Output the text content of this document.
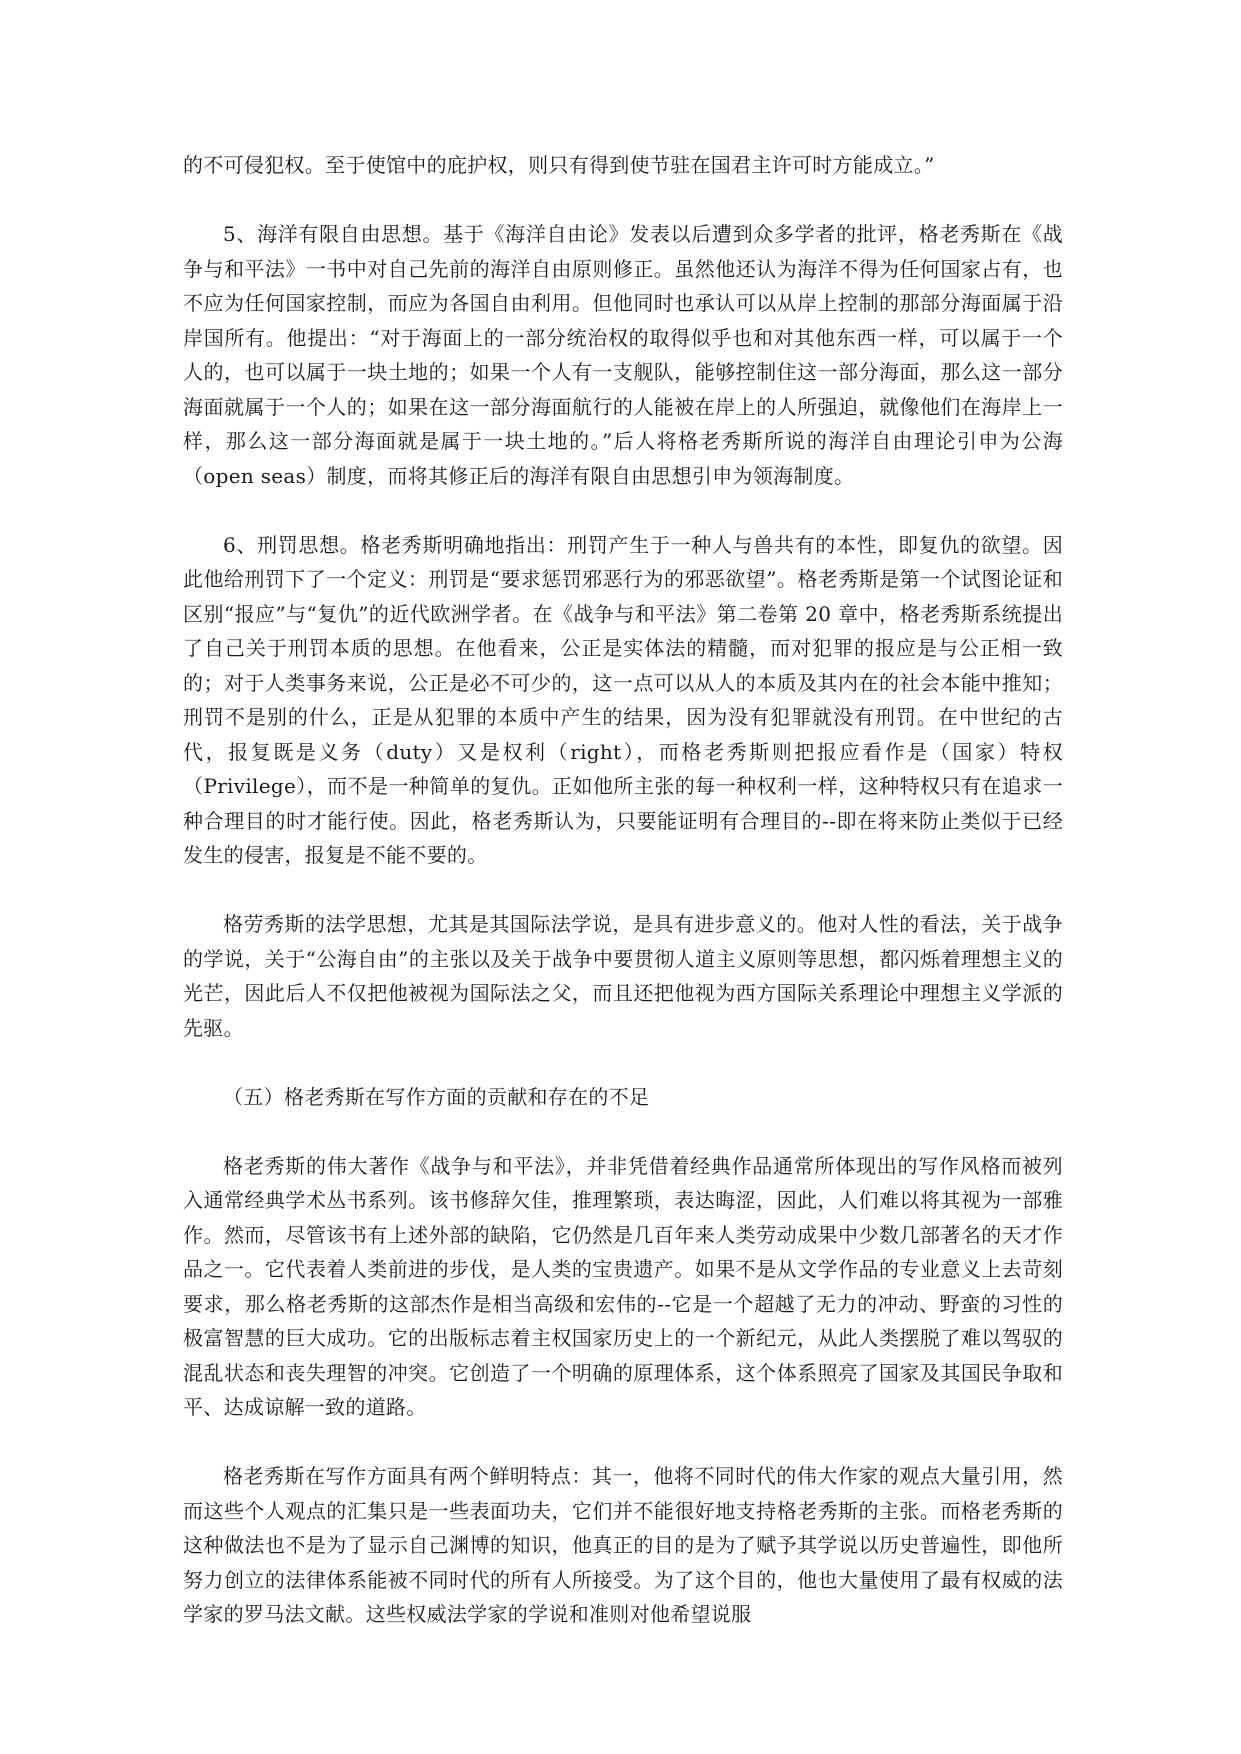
的不可侵犯权。至于使馆中的庇护权，则只有得到使节驻在国君主许可时方能成立。”

5、海洋有限自由思想。基于《海洋自由论》发表以后遭到众多学者的批评，格老秀斯在《战争与和平法》一书中对自己先前的海洋自由原则修正。虽然他还认为海洋不得为任何国家占有，也不应为任何国家控制，而应为各国自由利用。但他同时也承认可以从岸上控制的那部分海面属于沿岸国所有。他提出：“对于海面上的一部分统治权的取得似乎也和对其他东西一样，可以属于一个人的，也可以属于一块土地的；如果一个人有一支舰队，能够控制住这一部分海面，那么这一部分海面就属于一个人的；如果在这一部分海面航行的人能被在岸上的人所强迫，就像他们在海岸上一样，那么这一部分海面就是属于一块土地的。”后人将格老秀斯所说的海洋自由理论引申为公海（open seas）制度，而将其修正后的海洋有限自由思想引申为领海制度。

6、刑罚思想。格老秀斯明确地指出：刑罚产生于一种人与兽共有的本性，即复仇的欲望。因此他给刑罚下了一个定义：刑罚是“要求惩罚邪恶行为的邪恶欲望”。格老秀斯是第一个试图论证和区别“报应”与“复仇”的近代欧洲学者。在《战争与和平法》第二卷第 20 章中，格老秀斯系统提出了自己关于刑罚本质的思想。在他看来，公正是实体法的精髓，而对犯罪的报应是与公正相一致的；对于人类事务来说，公正是必不可少的，这一点可以从人的本质及其内在的社会本能中推知；刑罚不是别的什么，正是从犯罪的本质中产生的结果，因为没有犯罪就没有刑罚。在中世纪的古代，报复既是义务（duty）又是权利（right），而格老秀斯则把报应看作是（国家）特权（Privilege），而不是一种简单的复仇。正如他所主张的每一种权利一样，这种特权只有在追求一种合理目的时才能行使。因此，格老秀斯认为，只要能证明有合理目的--即在将来防止类似于已经发生的侵害，报复是不能不要的。

格劳秀斯的法学思想，尤其是其国际法学说，是具有进步意义的。他对人性的看法，关于战争的学说，关于“公海自由”的主张以及关于战争中要贯彻人道主义原则等思想，都闪烁着理想主义的光芒，因此后人不仅把他被视为国际法之父，而且还把他视为西方国际关系理论中理想主义学派的先驱。

（五）格老秀斯在写作方面的贡献和存在的不足

格老秀斯的伟大著作《战争与和平法》，并非凭借着经典作品通常所体现出的写作风格而被列入通常经典学术丛书系列。该书修辞欠佳，推理繁琐，表达晦涩，因此，人们难以将其视为一部雅作。然而，尽管该书有上述外部的缺陷，它仍然是几百年来人类劳动成果中少数几部著名的天才作品之一。它代表着人类前进的步伐，是人类的宝贵遗产。如果不是从文学作品的专业意义上去苛刻要求，那么格老秀斯的这部杰作是相当高级和宏伟的--它是一个超越了无力的冲动、野蛮的习性的极富智慧的巨大成功。它的出版标志着主权国家历史上的一个新纪元，从此人类摆脱了难以驾驭的混乱状态和丧失理智的冲突。它创造了一个明确的原理体系，这个体系照亮了国家及其国民争取和平、达成谅解一致的道路。

格老秀斯在写作方面具有两个鲜明特点：其一，他将不同时代的伟大作家的观点大量引用，然而这些个人观点的汇集只是一些表面功夫，它们并不能很好地支持格老秀斯的主张。而格老秀斯的这种做法也不是为了显示自己渊博的知识，他真正的目的是为了赋予其学说以历史普遍性，即他所努力创立的法律体系能被不同时代的所有人所接受。为了这个目的，他也大量使用了最有权威的法学家的罗马法文献。这些权威法学家的学说和准则对他希望说服
